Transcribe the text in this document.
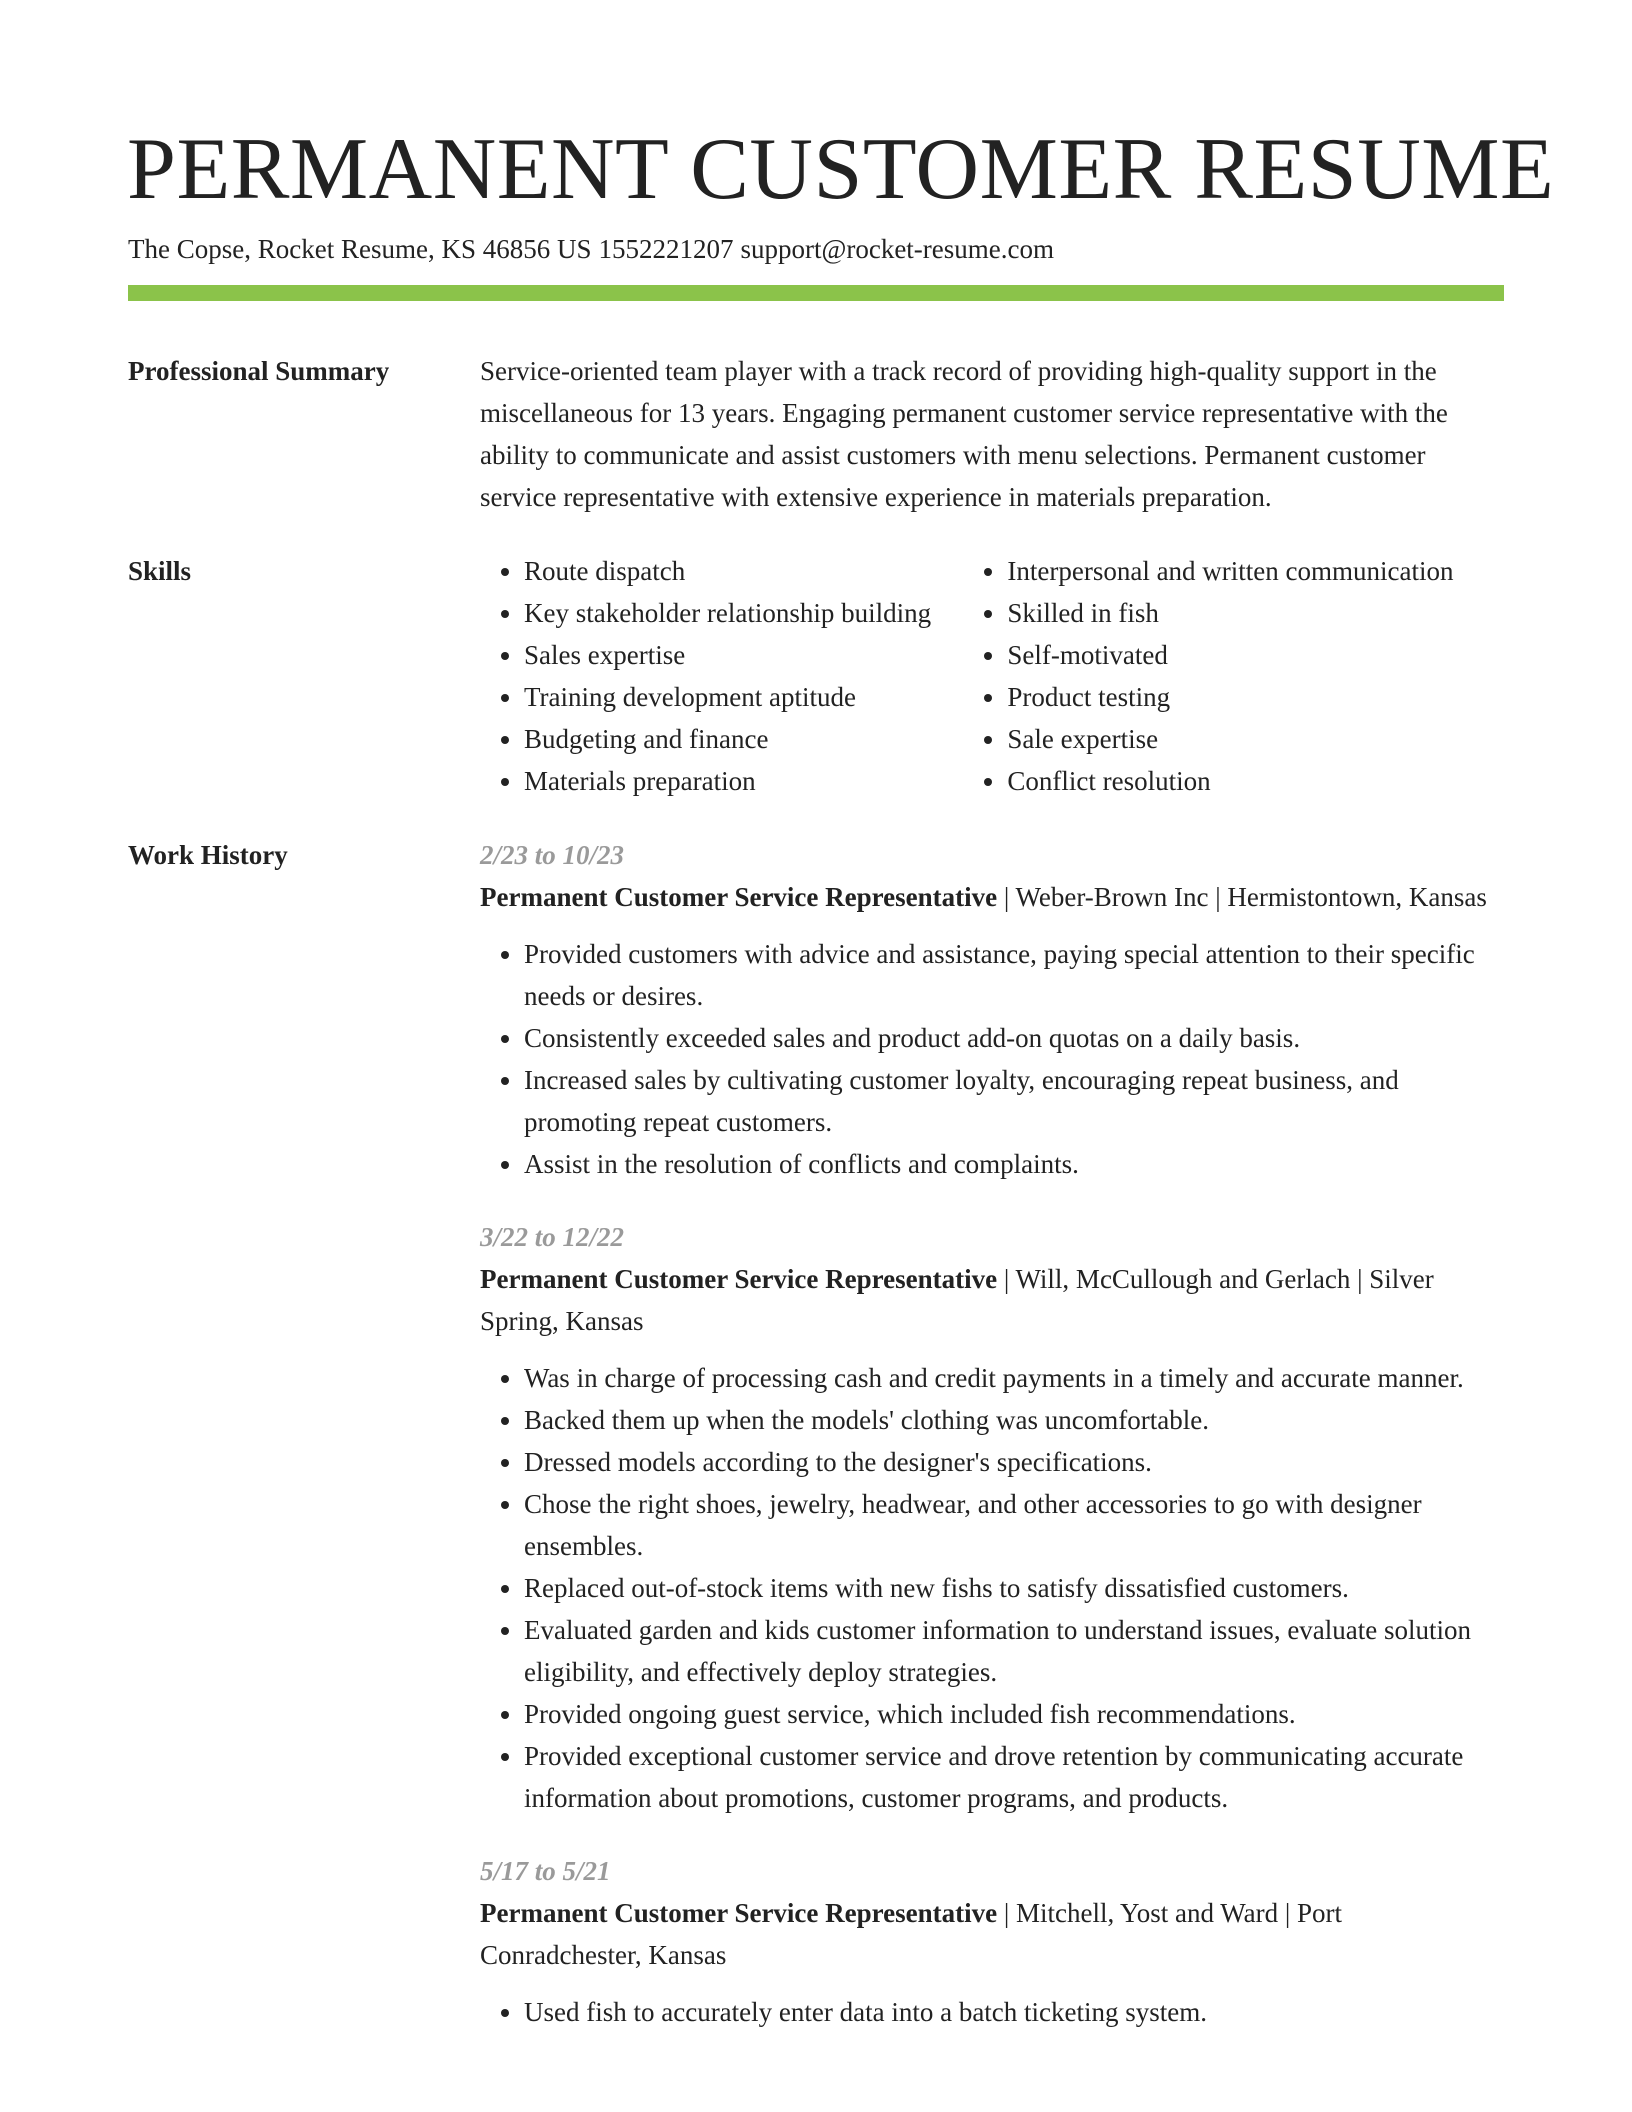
PERMANENT CUSTOMER RESUME
The Copse, Rocket Resume, KS 46856 US 1552221207 support@rocket-resume.com
Professional Summary	Service-oriented team player with a track record of providing high-quality support in the miscellaneous for 13 years. Engaging permanent customer service representative with the ability to communicate and assist customers with menu selections. Permanent customer service representative with extensive experience in materials preparation.

Skills
•	Route dispatch
• Key stakeholder relationship building
• Sales expertise
• Training development aptitude
• Budgeting and finance
• Materials preparation
• Interpersonal and written communication
• Skilled in fish
• Self-motivated
• Product testing
• Sale expertise
• Conflict resolution
Work History	2/23 to 10/23

Permanent Customer Service Representative | Weber-Brown Inc | Hermistontown, Kansas

• Provided customers with advice and assistance, paying special attention to their specific needs or desires.
• Consistently exceeded sales and product add-on quotas on a daily basis.
• Increased sales by cultivating customer loyalty, encouraging repeat business, and promoting repeat customers.
• Assist in the resolution of conflicts and complaints.
3/22 to 12/22

Permanent Customer Service Representative | Will, McCullough and Gerlach | Silver Spring, Kansas

• Was in charge of processing cash and credit payments in a timely and accurate manner.
• Backed them up when the models' clothing was uncomfortable.
• Dressed models according to the designer's specifications.
• Chose the right shoes, jewelry, headwear, and other accessories to go with designer ensembles.
• Replaced out-of-stock items with new fishs to satisfy dissatisfied customers.
• Evaluated garden and kids customer information to understand issues, evaluate solution eligibility, and effectively deploy strategies.
• Provided ongoing guest service, which included fish recommendations.
• Provided exceptional customer service and drove retention by communicating accurate information about promotions, customer programs, and products.
5/17 to 5/21

Permanent Customer Service Representative | Mitchell, Yost and Ward | Port Conradchester, Kansas

• Used fish to accurately enter data into a batch ticketing system.
